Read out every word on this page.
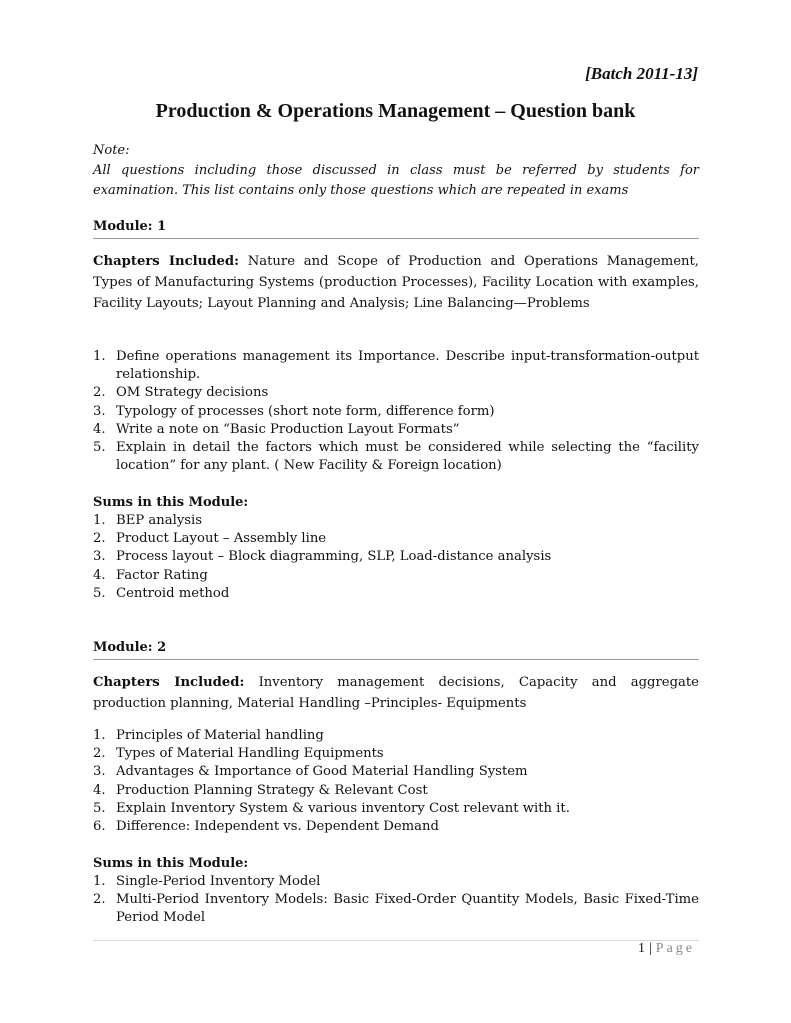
[Batch 2011-13]
Production & Operations Management – Question bank
Note:
All questions including those discussed in class must be referred by students for examination. This list contains only those questions which are repeated in exams
Module: 1
Chapters Included: Nature and Scope of Production and Operations Management, Types of Manufacturing Systems (production Processes), Facility Location with examples, Facility Layouts; Layout Planning and Analysis; Line Balancing—Problems
1. Define operations management its Importance. Describe input-transformation-output relationship.
2. OM Strategy decisions
3. Typology of processes (short note form, difference form)
4. Write a note on “Basic Production Layout Formats”
5. Explain in detail the factors which must be considered while selecting the “facility location” for any plant. ( New Facility & Foreign location)
Sums in this Module:
1. BEP analysis
2. Product Layout – Assembly line
3. Process layout – Block diagramming, SLP, Load-distance analysis
4. Factor Rating
5. Centroid method
Module: 2
Chapters Included: Inventory management decisions, Capacity and aggregate production planning, Material Handling –Principles- Equipments
1. Principles of Material handling
2. Types of Material Handling Equipments
3. Advantages & Importance of Good Material Handling System
4. Production Planning Strategy & Relevant Cost
5. Explain Inventory System & various inventory Cost relevant with it.
6. Difference: Independent vs. Dependent Demand
Sums in this Module:
1. Single-Period Inventory Model
2. Multi-Period Inventory Models: Basic Fixed-Order Quantity Models, Basic Fixed-Time Period Model
1 | Page
